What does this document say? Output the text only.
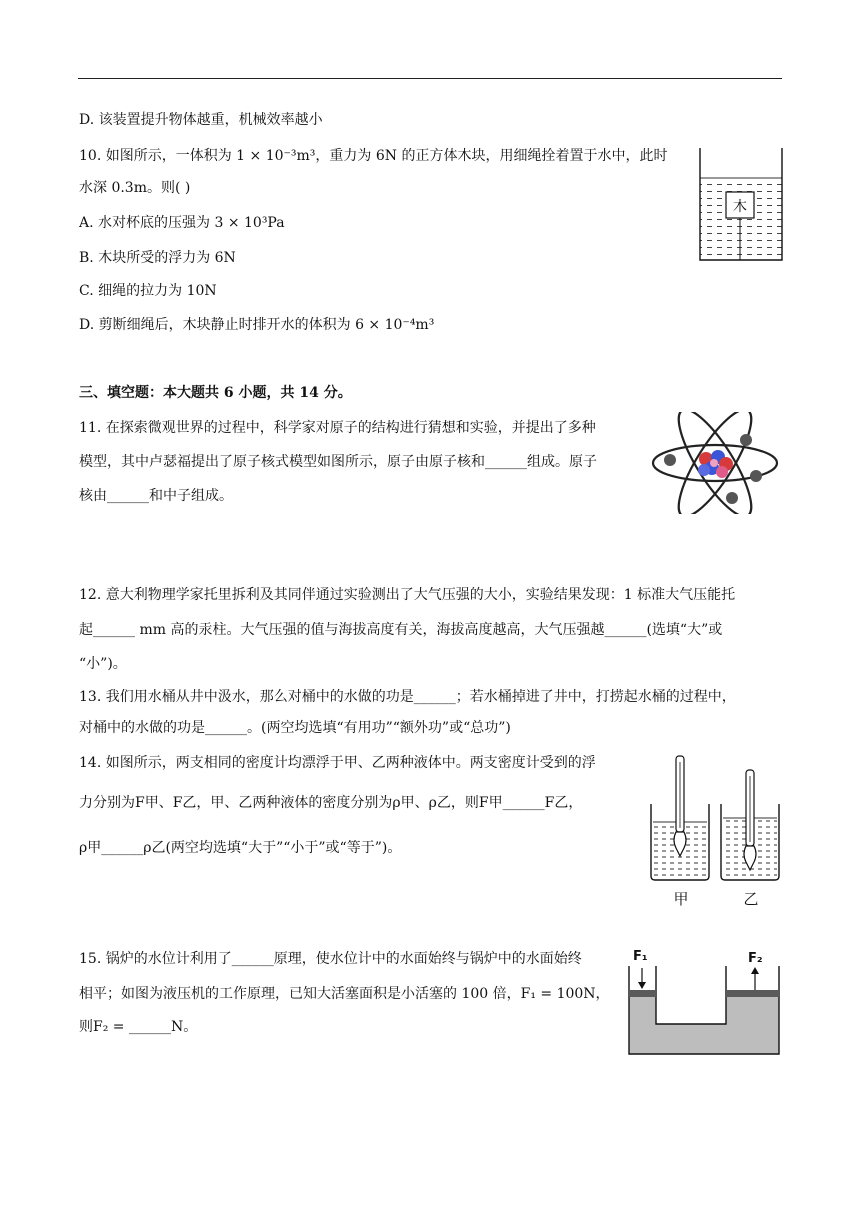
D. 该装置提升物体越重，机械效率越小
10. 如图所示，一体积为 1 × 10⁻³m³，重力为 6N 的正方体木块，用细绳拴着置于水中，此时
水深 0.3m。则( )
A. 水对杯底的压强为 3 × 10³Pa
B. 木块所受的浮力为 6N
C. 细绳的拉力为 10N
D. 剪断细绳后，木块静止时排开水的体积为 6 × 10⁻⁴m³
木
三、填空题：本大题共 6 小题，共 14 分。
11. 在探索微观世界的过程中，科学家对原子的结构进行猜想和实验，并提出了多种
模型，其中卢瑟福提出了原子核式模型如图所示，原子由原子核和______组成。原子
核由______和中子组成。
12. 意大利物理学家托里拆利及其同伴通过实验测出了大气压强的大小，实验结果发现：1 标准大气压能托
起______ mm 高的汞柱。大气压强的值与海拔高度有关，海拔高度越高，大气压强越______(选填“大”或
“小”)。
13. 我们用水桶从井中汲水，那么对桶中的水做的功是______；若水桶掉进了井中，打捞起水桶的过程中，
对桶中的水做的功是______。(两空均选填“有用功”“额外功”或“总功”)
14. 如图所示，两支相同的密度计均漂浮于甲、乙两种液体中。两支密度计受到的浮
力分别为F甲、F乙，甲、乙两种液体的密度分别为ρ甲、ρ乙，则F甲______F乙，
ρ甲______ρ乙(两空均选填“大于”“小于”或“等于”)。
甲	乙
15. 锅炉的水位计利用了______原理，使水位计中的水面始终与锅炉中的水面始终
相平；如图为液压机的工作原理，已知大活塞面积是小活塞的 100 倍，F₁ = 100N，
则F₂ = ______N。
F₁	F₂
